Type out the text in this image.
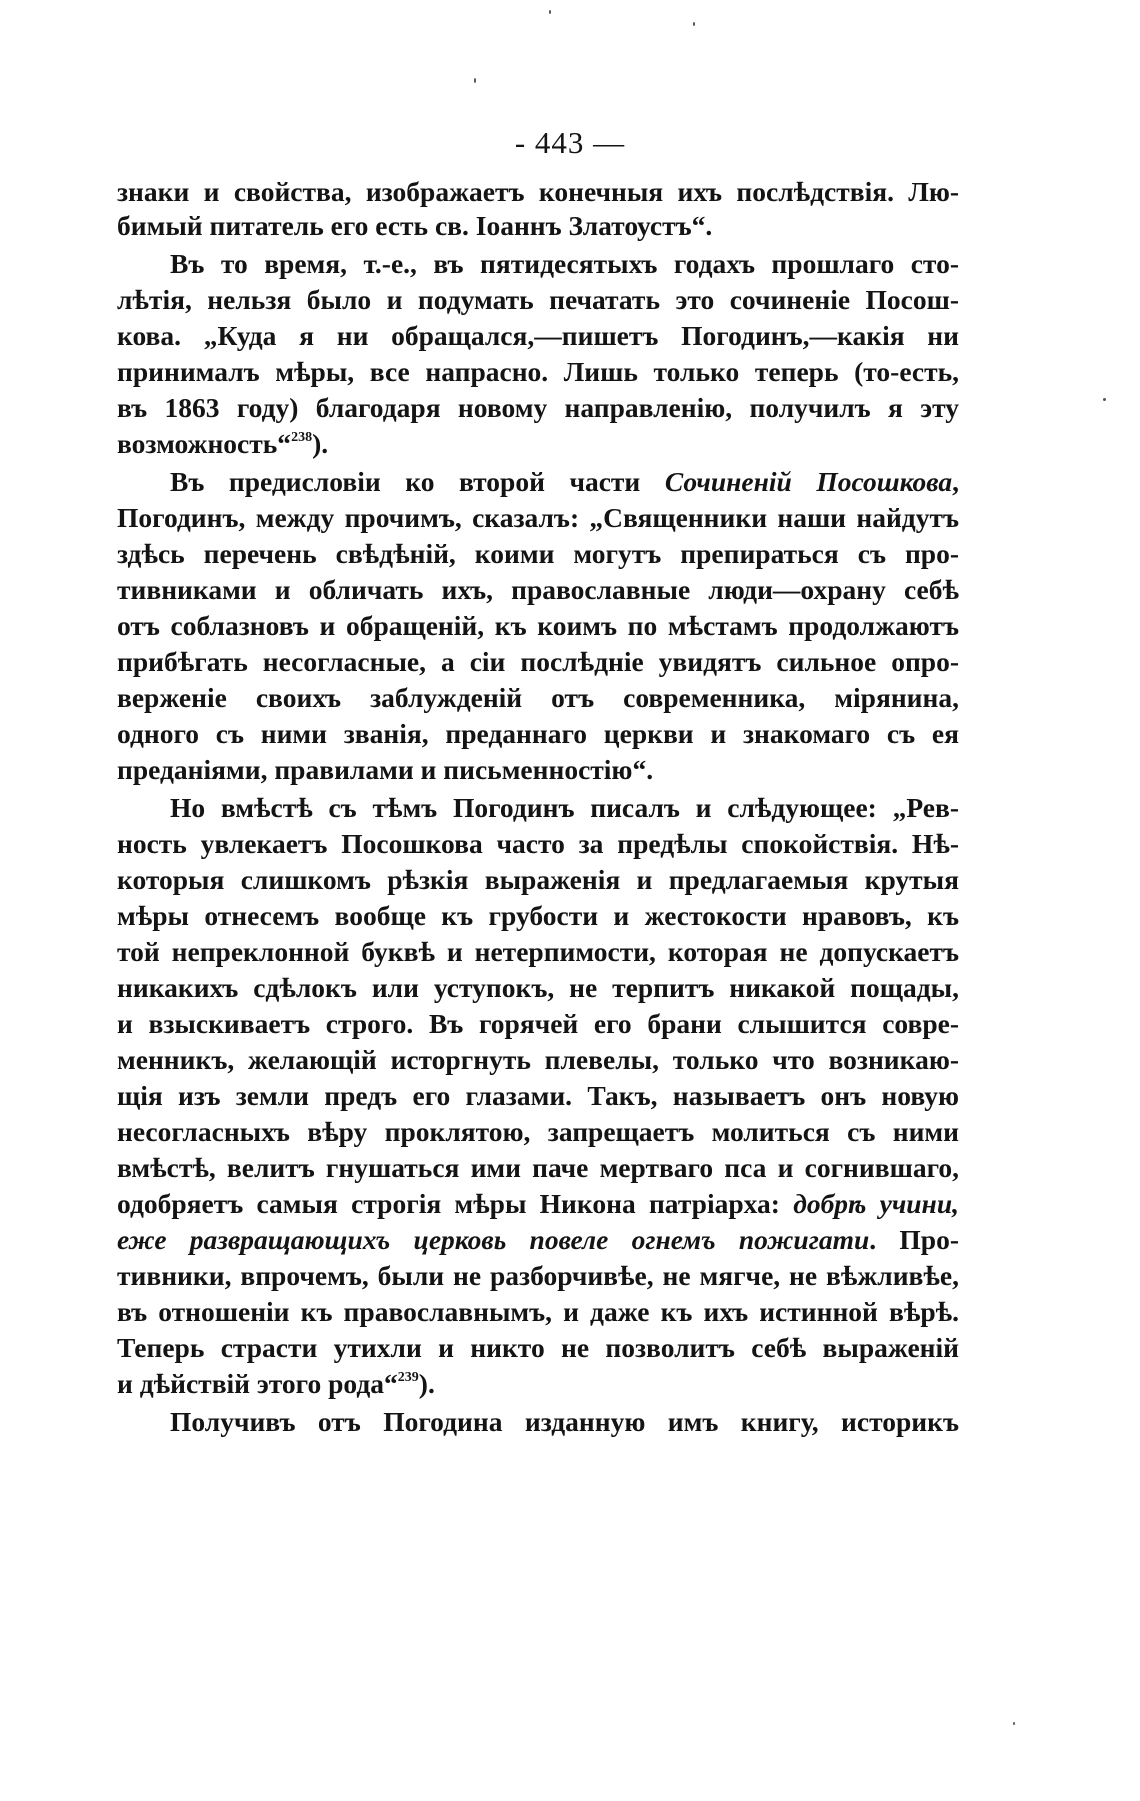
- 443 —
знаки и свойства, изображаетъ конечныя ихъ послѣдствія. Лю-
бимый питатель его есть св. Іоаннъ Златоустъ“.
Въ то время, т.-е., въ пятидесятыхъ годахъ прошлаго сто-
лѣтія, нельзя было и подумать печатать это сочиненіе Посош-
кова. „Куда я ни обращался,—пишетъ Погодинъ,—какія ни
принималъ мѣры, все напрасно. Лишь только теперь (то-есть,
въ 1863 году) благодаря новому направленію, получилъ я эту
возможность“$^{238}$).
Въ предисловіи ко второй части Сочиненій Посошкова,
Погодинъ, между прочимъ, сказалъ: „Священники наши найдутъ
здѣсь перечень свѣдѣній, коими могутъ препираться съ про-
тивниками и обличать ихъ, православные люди—охрану себѣ
отъ соблазновъ и обращеній, къ коимъ по мѣстамъ продолжаютъ
прибѣгать несогласные, а сіи послѣдніе увидятъ сильное опро-
верженіе своихъ заблужденій отъ современника, мірянина,
одного съ ними званія, преданнаго церкви и знакомаго съ ея
преданіями, правилами и письменностію“.
Но вмѣстѣ съ тѣмъ Погодинъ писалъ и слѣдующее: „Рев-
ность увлекаетъ Посошкова часто за предѣлы спокойствія. Нѣ-
которыя слишкомъ рѣзкія выраженія и предлагаемыя крутыя
мѣры отнесемъ вообще къ грубости и жестокости нравовъ, къ
той непреклонной буквѣ и нетерпимости, которая не допускаетъ
никакихъ сдѣлокъ или уступокъ, не терпитъ никакой пощады,
и взыскиваетъ строго. Въ горячей его брани слышится совре-
менникъ, желающій исторгнуть плевелы, только что возникаю-
щія изъ земли предъ его глазами. Такъ, называетъ онъ новую
несогласныхъ вѣру проклятою, запрещаетъ молиться съ ними
вмѣстѣ, велитъ гнушаться ими паче мертваго пса и согнившаго,
одобряетъ самыя строгія мѣры Никона патріарха: добрѣ учини,
еже развращающихъ церковь повеле огнемъ пожигати. Про-
тивники, впрочемъ, были не разборчивѣе, не мягче, не вѣжливѣе,
въ отношеніи къ православнымъ, и даже къ ихъ истинной вѣрѣ.
Теперь страсти утихли и никто не позволитъ себѣ выраженій
и дѣйствій этого рода“$^{239}$).
Получивъ отъ Погодина изданную имъ книгу, историкъ
